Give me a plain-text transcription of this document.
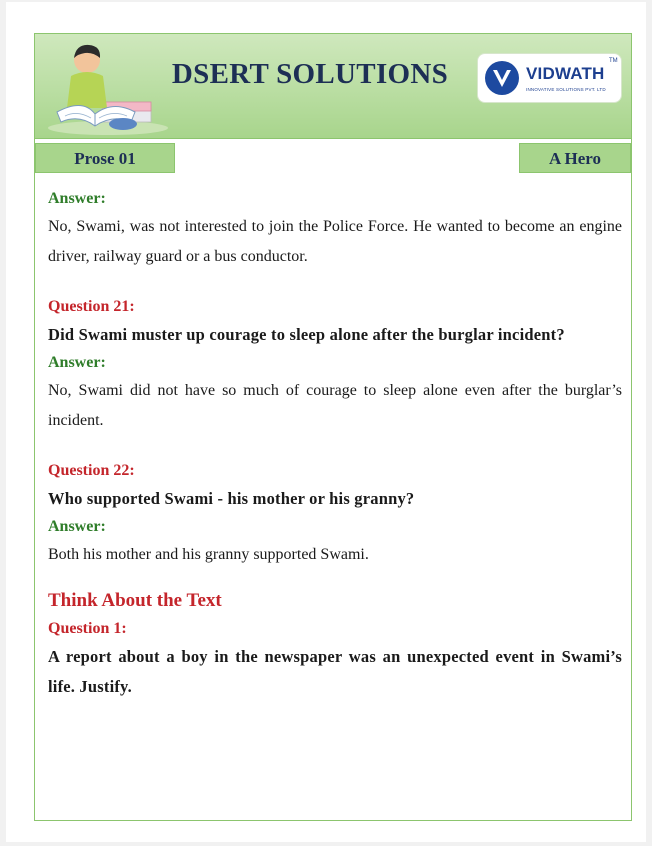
DSERT SOLUTIONS	VIDWATH
TM
INNOVATIVE SOLUTIONS PVT. LTD
Prose 01	A Hero

Answer:

No, Swami, was not interested to join the Police Force. He wanted to become an engine driver, railway guard or a bus conductor.

Question 21:

Did Swami muster up courage to sleep alone after the burglar incident?

Answer:

No, Swami did not have so much of courage to sleep alone even after the burglar’s incident.

Question 22:

Who supported Swami - his mother or his granny?

Answer:

Both his mother and his granny supported Swami.

Think About the Text

Question 1:

A report about a boy in the newspaper was an unexpected event in Swami’s life. Justify.
